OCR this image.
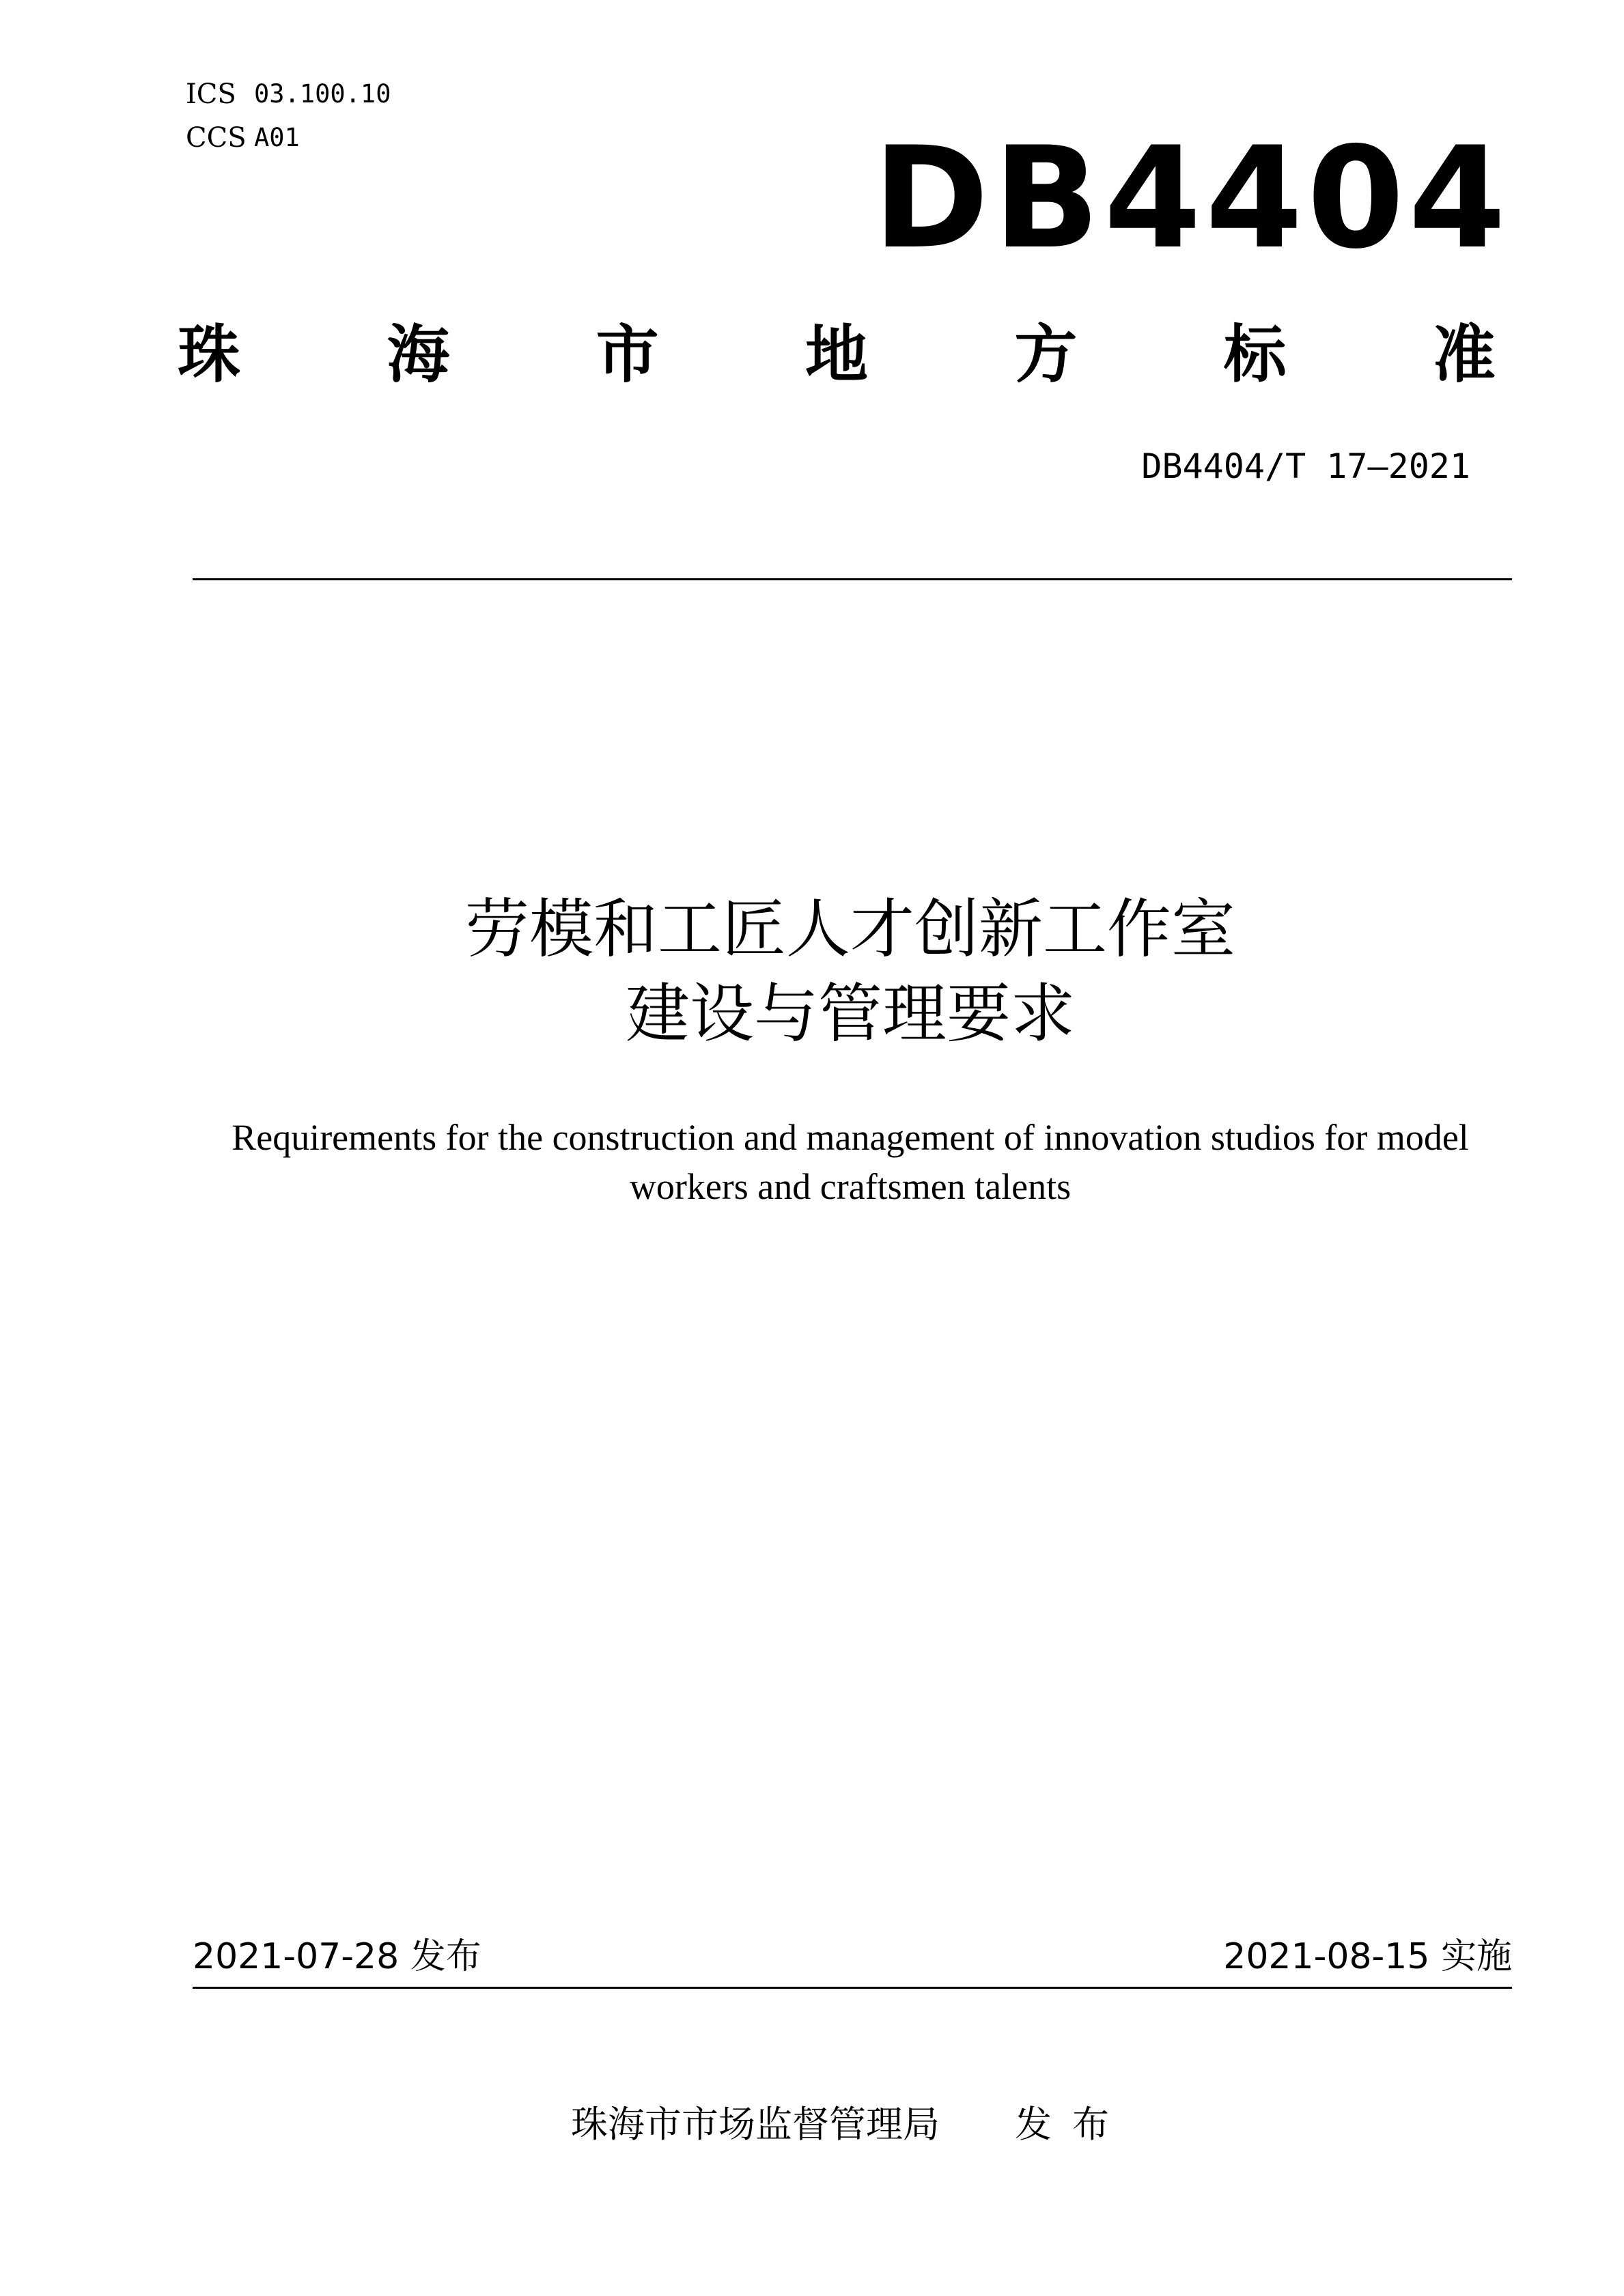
ICS 03.100.10
CCS A01	DB4404
珠 海 市 地 方 标 准
DB4404/T 17—2021
劳模和工匠人才创新工作室
建设与管理要求
Requirements for the construction and management of innovation studios for model
workers and craftsmen talents
2021-07-28 发布	2021-08-15 实施
珠海市市场监督管理局 发布
